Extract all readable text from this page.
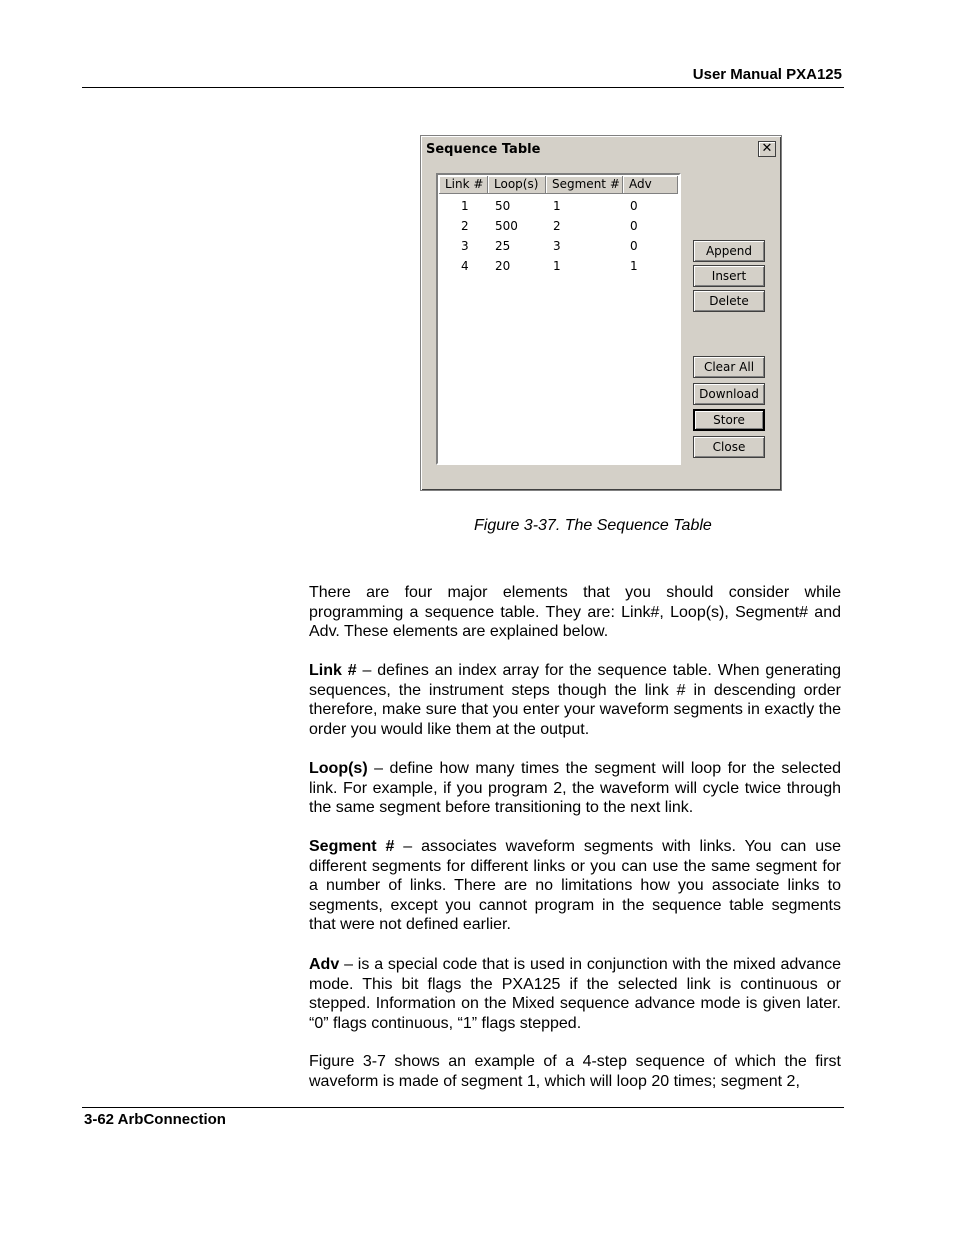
User Manual PXA125
Sequence Table	✕
Link # Loop(s)	Segment # Adv
1 50	1	0
2 500	2	0
3 25	3	0
4 20	1	1
Append
Insert
Delete
Clear All
Download
Store
Close
Figure 3-37. The Sequence Table

There are four major elements that you should consider while programming a sequence table. They are: Link#, Loop(s), Segment# and Adv. These elements are explained below.

Link # – defines an index array for the sequence table. When generating sequences, the instrument steps though the link # in descending order therefore, make sure that you enter your waveform segments in exactly the order you would like them at the output.

Loop(s) – define how many times the segment will loop for the selected link. For example, if you program 2, the waveform will cycle twice through the same segment before transitioning to the next link.

Segment # – associates waveform segments with links. You can use different segments for different links or you can use the same segment for a number of links. There are no limitations how you associate links to segments, except you cannot program in the sequence table segments that were not defined earlier.

Adv – is a special code that is used in conjunction with the mixed advance mode. This bit flags the PXA125 if the selected link is continuous or stepped. Information on the Mixed sequence advance mode is given later. “0” flags continuous, “1” flags stepped.

Figure 3-7 shows an example of a 4-step sequence of which the first waveform is made of segment 1, which will loop 20 times; segment 2,

3-62 ArbConnection
